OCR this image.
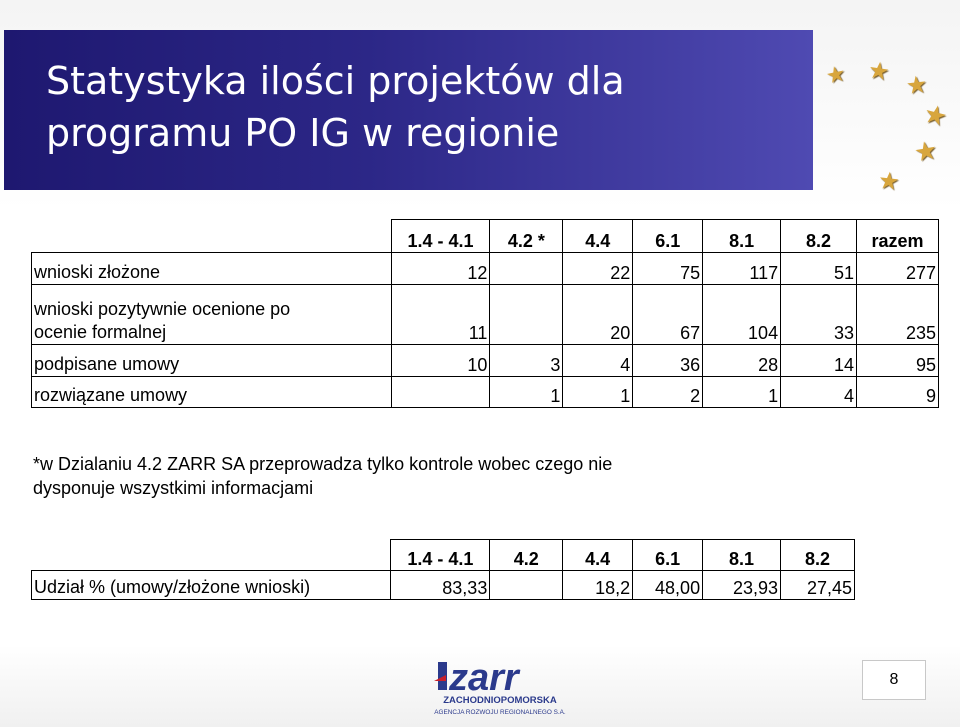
Statystyka ilości projektów dla
programu PO IG w regionie
★ ★ ★
★
★
★
	1.4 - 4.1	4.2 *	4.4	6.1	8.1	8.2	razem
wnioski złożone	12		22	75	117	51	277
wnioski pozytywnie ocenione po
ocenie formalnej	11		20	67	104	33	235
podpisane umowy	10	3	4	36	28	14	95
rozwiązane umowy		1	1	2	1	4	9
*w Dzialaniu 4.2 ZARR SA przeprowadza tylko kontrole wobec czego nie
dysponuje wszystkimi informacjami
	1.4 - 4.1	4.2	4.4	6.1	8.1	8.2
Udział % (umowy/złożone wnioski)	83,33		18,2	48,00	23,93	27,45
zarr
ZACHODNIOPOMORSKA
AGENCJA ROZWOJU REGIONALNEGO S.A.
8
